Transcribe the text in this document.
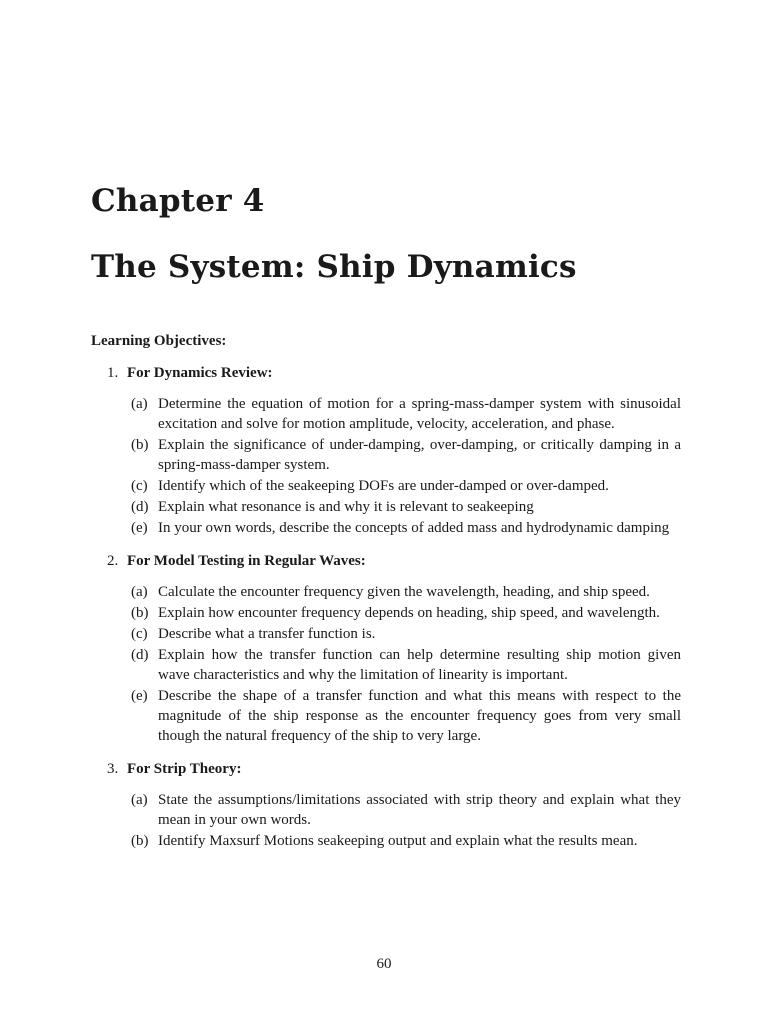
Chapter 4
The System: Ship Dynamics
Learning Objectives:
1. For Dynamics Review:
(a) Determine the equation of motion for a spring-mass-damper system with sinusoidal excitation and solve for motion amplitude, velocity, acceleration, and phase.
(b) Explain the significance of under-damping, over-damping, or critically damping in a spring-mass-damper system.
(c) Identify which of the seakeeping DOFs are under-damped or over-damped.
(d) Explain what resonance is and why it is relevant to seakeeping
(e) In your own words, describe the concepts of added mass and hydrodynamic damping
2. For Model Testing in Regular Waves:
(a) Calculate the encounter frequency given the wavelength, heading, and ship speed.
(b) Explain how encounter frequency depends on heading, ship speed, and wavelength.
(c) Describe what a transfer function is.
(d) Explain how the transfer function can help determine resulting ship motion given wave characteristics and why the limitation of linearity is important.
(e) Describe the shape of a transfer function and what this means with respect to the magnitude of the ship response as the encounter frequency goes from very small though the natural frequency of the ship to very large.
3. For Strip Theory:
(a) State the assumptions/limitations associated with strip theory and explain what they mean in your own words.
(b) Identify Maxsurf Motions seakeeping output and explain what the results mean.
60
